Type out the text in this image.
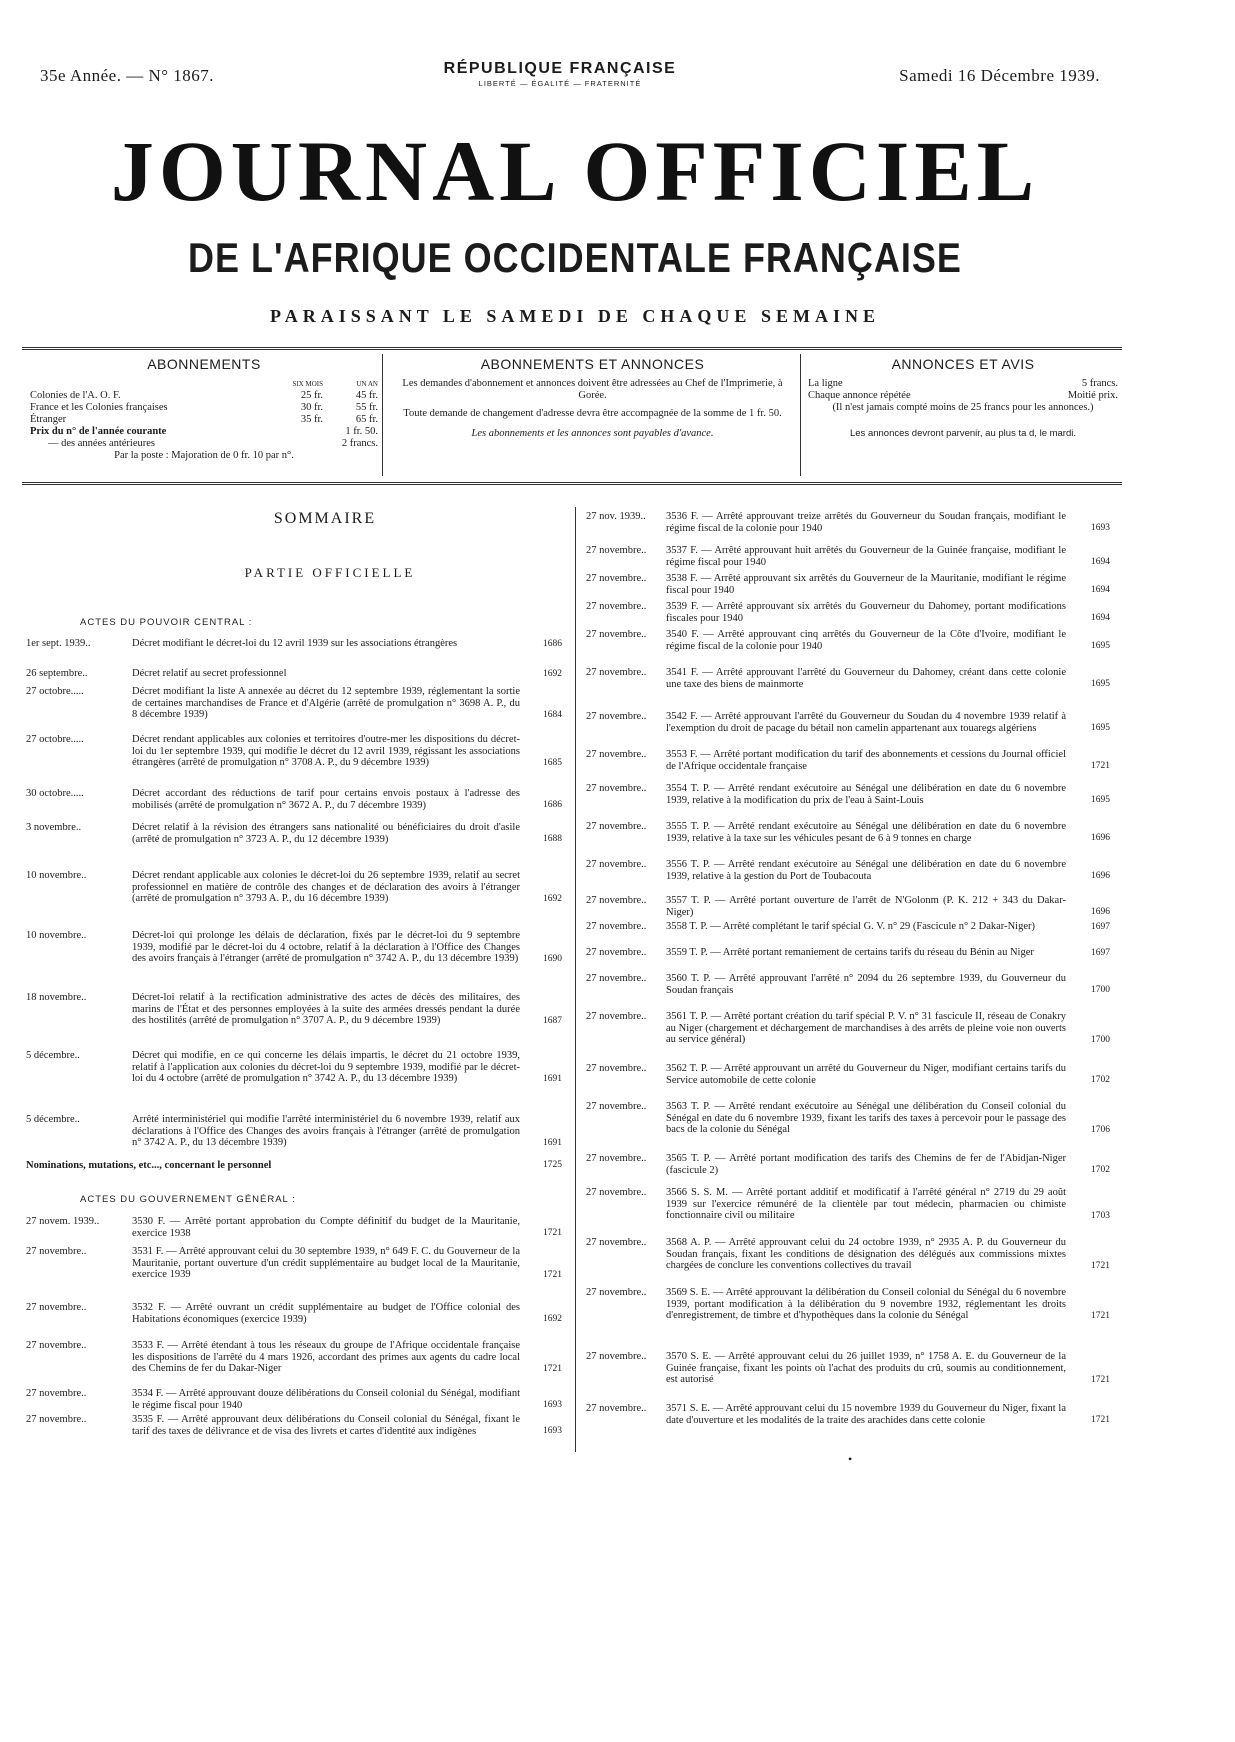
35e Année. — N° 1867.	RÉPUBLIQUE FRANÇAISE
LIBERTÉ — ÉGALITÉ — FRATERNITÉ	Samedi 16 Décembre 1939.
JOURNAL OFFICIEL
DE L'AFRIQUE OCCIDENTALE FRANÇAISE
PARAISSANT LE SAMEDI DE CHAQUE SEMAINE
ABONNEMENTS
	SIX MOIS	UN AN
Colonies de l'A. O. F.	25 fr.	45 fr.
France et les Colonies françaises	30 fr.	55 fr.
Étranger	35 fr.	65 fr.
Prix du n° de l'année courante	1 fr. 50.	
— des années antérieures	2 francs.	
Par la poste : Majoration de 0 fr. 10 par n°.
ABONNEMENTS ET ANNONCES
Les demandes d'abonnement et annonces doivent être adressées au Chef de l'Imprimerie, à Gorée.
Toute demande de changement d'adresse devra être accompagnée de la somme de 1 fr. 50.
Les abonnements et les annonces sont payables d'avance.
ANNONCES ET AVIS
La ligne	5 francs.
Chaque annonce répétée	Moitié prix.
(Il n'est jamais compté moins de 25 francs pour les annonces.)
Les annonces devront parvenir, au plus ta d, le mardi.
SOMMAIRE
PARTIE OFFICIELLE
ACTES DU POUVOIR CENTRAL :
1er sept. 1939..	Décret modifiant le décret-loi du 12 avril 1939 sur les associations étrangères	1686
26 septembre..	Décret relatif au secret professionnel	1692
27 octobre.....	Décret modifiant la liste A annexée au décret du 12 septembre 1939, réglementant la sortie de certaines marchandises de France et d'Algérie (arrêté de promulgation n° 3698 A. P., du 8 décembre 1939)	1684
27 octobre.....	Décret rendant applicables aux colonies et territoires d'outre-mer les dispositions du décret-loi du 1er septembre 1939, qui modifie le décret du 12 avril 1939, régissant les associations étrangères (arrêté de promulgation n° 3708 A. P., du 9 décembre 1939)	1685
30 octobre.....	Décret accordant des réductions de tarif pour certains envois postaux à l'adresse des mobilisés (arrêté de promulgation n° 3672 A. P., du 7 décembre 1939)	1686
3 novembre..	Décret relatif à la révision des étrangers sans nationalité ou bénéficiaires du droit d'asile (arrêté de promulgation n° 3723 A. P., du 12 décembre 1939)	1688
10 novembre..	Décret rendant applicable aux colonies le décret-loi du 26 septembre 1939, relatif au secret professionnel en matière de contrôle des changes et de déclaration des avoirs à l'étranger (arrêté de promulgation n° 3793 A. P., du 16 décembre 1939)	1692
10 novembre..	Décret-loi qui prolonge les délais de déclaration, fixés par le décret-loi du 9 septembre 1939, modifié par le décret-loi du 4 octobre, relatif à la déclaration à l'Office des Changes des avoirs français à l'étranger (arrêté de promulgation n° 3742 A. P., du 13 décembre 1939)	1690
18 novembre..	Décret-loi relatif à la rectification administrative des actes de décès des militaires, des marins de l'État et des personnes employées à la suite des armées dressés pendant la durée des hostilités (arrêté de promulgation n° 3707 A. P., du 9 décembre 1939)	1687
5 décembre..	Décret qui modifie, en ce qui concerne les délais impartis, le décret du 21 octobre 1939, relatif à l'application aux colonies du décret-loi du 9 septembre 1939, modifié par le décret-loi du 4 octobre (arrêté de promulgation n° 3742 A. P., du 13 décembre 1939)	1691
5 décembre..	Arrêté interministériel qui modifie l'arrêté interministériel du 6 novembre 1939, relatif aux déclarations à l'Office des Changes des avoirs français à l'étranger (arrêté de promulgation n° 3742 A. P., du 13 décembre 1939)	1691
Nominations, mutations, etc..., concernant le personnel	1725
ACTES DU GOUVERNEMENT GÉNÉRAL :
27 novem. 1939..	3530 F. — Arrêté portant approbation du Compte définitif du budget de la Mauritanie, exercice 1938	1721
27 novembre..	3531 F. — Arrêté approuvant celui du 30 septembre 1939, n° 649 F. C. du Gouverneur de la Mauritanie, portant ouverture d'un crédit supplémentaire au budget local de la Mauritanie, exercice 1939	1721
27 novembre..	3532 F. — Arrêté ouvrant un crédit supplémentaire au budget de l'Office colonial des Habitations économiques (exercice 1939)	1692
27 novembre..	3533 F. — Arrêté étendant à tous les réseaux du groupe de l'Afrique occidentale française les dispositions de l'arrêté du 4 mars 1926, accordant des primes aux agents du cadre local des Chemins de fer du Dakar-Niger	1721
27 novembre..	3534 F. — Arrêté approuvant douze délibérations du Conseil colonial du Sénégal, modifiant le régime fiscal pour 1940	1693
27 novembre..	3535 F. — Arrêté approuvant deux délibérations du Conseil colonial du Sénégal, fixant le tarif des taxes de délivrance et de visa des livrets et cartes d'identité aux indigènes	1693
27 nov. 1939..	3536 F. — Arrêté approuvant treize arrêtés du Gouverneur du Soudan français, modifiant le régime fiscal de la colonie pour 1940	1693
27 novembre..	3537 F. — Arrêté approuvant huit arrêtés du Gouverneur de la Guinée française, modifiant le régime fiscal pour 1940	1694
27 novembre..	3538 F. — Arrêté approuvant six arrêtés du Gouverneur de la Mauritanie, modifiant le régime fiscal pour 1940	1694
27 novembre..	3539 F. — Arrêté approuvant six arrêtés du Gouverneur du Dahomey, portant modifications fiscales pour 1940	1694
27 novembre..	3540 F. — Arrêté approuvant cinq arrêtés du Gouverneur de la Côte d'Ivoire, modifiant le régime fiscal de la colonie pour 1940	1695
27 novembre..	3541 F. — Arrêté approuvant l'arrêté du Gouverneur du Dahomey, créant dans cette colonie une taxe des biens de mainmorte	1695
27 novembre..	3542 F. — Arrêté approuvant l'arrêté du Gouverneur du Soudan du 4 novembre 1939 relatif à l'exemption du droit de pacage du bétail non camelin appartenant aux touaregs algériens	1695
27 novembre..	3553 F. — Arrêté portant modification du tarif des abonnements et cessions du Journal officiel de l'Afrique occidentale française	1721
27 novembre..	3554 T. P. — Arrêté rendant exécutoire au Sénégal une délibération en date du 6 novembre 1939, relative à la modification du prix de l'eau à Saint-Louis	1695
27 novembre..	3555 T. P. — Arrêté rendant exécutoire au Sénégal une délibération en date du 6 novembre 1939, relative à la taxe sur les véhicules pesant de 6 à 9 tonnes en charge	1696
27 novembre..	3556 T. P. — Arrêté rendant exécutoire au Sénégal une délibération en date du 6 novembre 1939, relative à la gestion du Port de Toubacouta	1696
27 novembre..	3557 T. P. — Arrêté portant ouverture de l'arrêt de N'Golonm (P. K. 212 + 343 du Dakar-Niger)	1696
27 novembre..	3558 T. P. — Arrêté complétant le tarif spécial G. V. n° 29 (Fascicule n° 2 Dakar-Niger)	1697
27 novembre..	3559 T. P. — Arrêté portant remaniement de certains tarifs du réseau du Bénin au Niger	1697
27 novembre..	3560 T. P. — Arrêté approuvant l'arrêté n° 2094 du 26 septembre 1939, du Gouverneur du Soudan français	1700
27 novembre..	3561 T. P. — Arrêté portant création du tarif spécial P. V. n° 31 fascicule II, réseau de Conakry au Niger (chargement et déchargement de marchandises à des arrêts de pleine voie non ouverts au service général)	1700
27 novembre..	3562 T. P. — Arrêté approuvant un arrêté du Gouverneur du Niger, modifiant certains tarifs du Service automobile de cette colonie	1702
27 novembre..	3563 T. P. — Arrêté rendant exécutoire au Sénégal une délibération du Conseil colonial du Sénégal en date du 6 novembre 1939, fixant les tarifs des taxes à percevoir pour le passage des bacs de la colonie du Sénégal	1706
27 novembre..	3565 T. P. — Arrêté portant modification des tarifs des Chemins de fer de l'Abidjan-Niger (fascicule 2)	1702
27 novembre..	3566 S. S. M. — Arrêté portant additif et modificatif à l'arrêté général n° 2719 du 29 août 1939 sur l'exercice rémunéré de la clientèle par tout médecin, pharmacien ou chimiste fonctionnaire civil ou militaire	1703
27 novembre..	3568 A. P. — Arrêté approuvant celui du 24 octobre 1939, n° 2935 A. P. du Gouverneur du Soudan français, fixant les conditions de désignation des délégués aux commissions mixtes chargées de conclure les conventions collectives du travail	1721
27 novembre..	3569 S. E. — Arrêté approuvant la délibération du Conseil colonial du Sénégal du 6 novembre 1939, portant modification à la délibération du 9 novembre 1932, réglementant les droits d'enregistrement, de timbre et d'hypothèques dans la colonie du Sénégal	1721
27 novembre..	3570 S. E. — Arrêté approuvant celui du 26 juillet 1939, n° 1758 A. E. du Gouverneur de la Guinée française, fixant les points où l'achat des produits du crû, soumis au conditionnement, est autorisé	1721
27 novembre..	3571 S. E. — Arrêté approuvant celui du 15 novembre 1939 du Gouverneur du Niger, fixant la date d'ouverture et les modalités de la traite des arachides dans cette colonie	1721
•
